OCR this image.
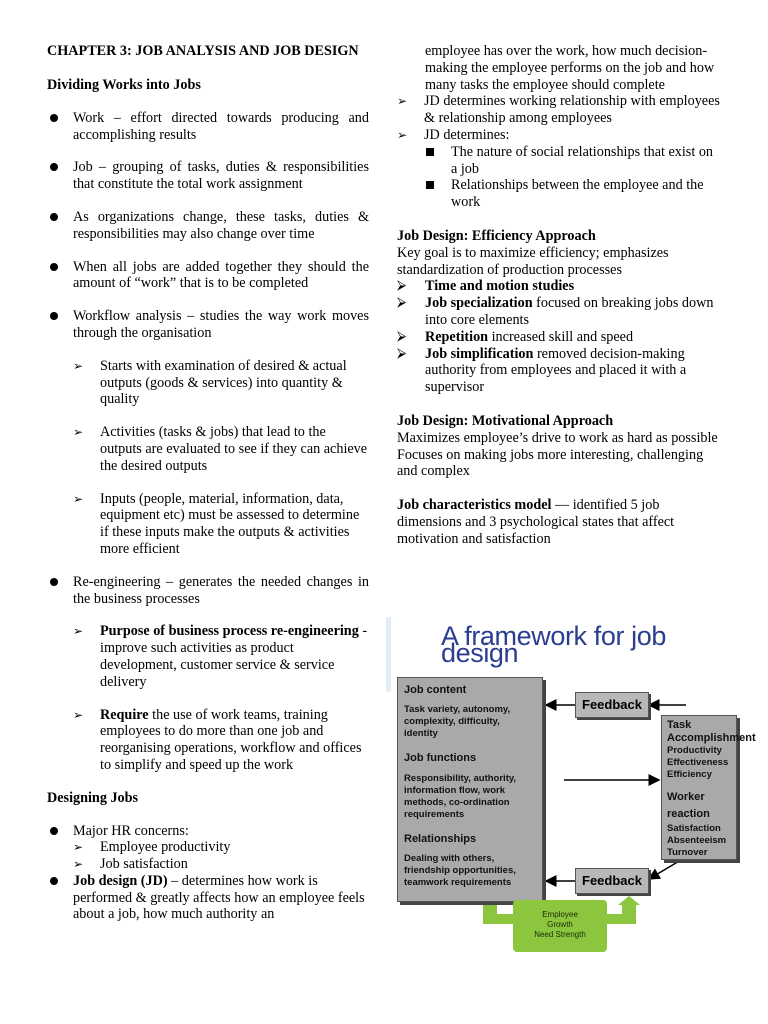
CHAPTER 3: JOB ANALYSIS AND JOB DESIGN

Dividing Works into Jobs

Work – effort directed towards producing and accomplishing results
Job – grouping of tasks, duties & responsibilities that constitute the total work assignment
As organizations change, these tasks, duties & responsibilities may also change over time
When all jobs are added together they should the amount of “work” that is to be completed
Workflow analysis – studies the way work moves through the organisation
➢ Starts with examination of desired & actual outputs (goods & services) into quantity & quality
➢ Activities (tasks & jobs) that lead to the outputs are evaluated to see if they can achieve the desired outputs
➢ Inputs (people, material, information, data, equipment etc) must be assessed to determine if these inputs make the outputs & activities more efficient
Re-engineering – generates the needed changes in the business processes
➢ Purpose of business process re-engineering -improve such activities as product development, customer service & service delivery
➢ Require the use of work teams, training employees to do more than one job and reorganising operations, workflow and offices to simplify and speed up the work

Designing Jobs

Major HR concerns:
➢ Employee productivity
➢ Job satisfaction
Job design (JD) – determines how work is performed & greatly affects how an employee feels about a job, how much authority an

employee has over the work, how much decision-making the employee performs on the job and how many tasks the employee should complete

➢ JD determines working relationship with employees & relationship among employees
➢ JD determines:
The nature of social relationships that exist on a job
Relationships between the employee and the work

Job Design: Efficiency Approach

Key goal is to maximize efficiency; emphasizes standardization of production processes

⮚ Time and motion studies
⮚ Job specialization focused on breaking jobs down into core elements
⮚ Repetition increased skill and speed
⮚ Job simplification removed decision-making authority from employees and placed it with a supervisor

Job Design: Motivational Approach

Maximizes employee’s drive to work as hard as possible

Focuses on making jobs more interesting, challenging and complex

Job characteristics model — identified 5 job dimensions and 3 psychological states that affect motivation and satisfaction

A framework for job design
Job content
Task variety, autonomy, complexity, difficulty, identity
Job functions
Responsibility, authority, information flow, work methods, co-ordination requirements
Relationships
Dealing with others, friendship opportunities, teamwork requirements
Feedback
Feedback
Task Accomplishment
Productivity Effectiveness Efficiency
Worker reaction
Satisfaction Absenteeism Turnover
Employee
Growth
Need Strength
